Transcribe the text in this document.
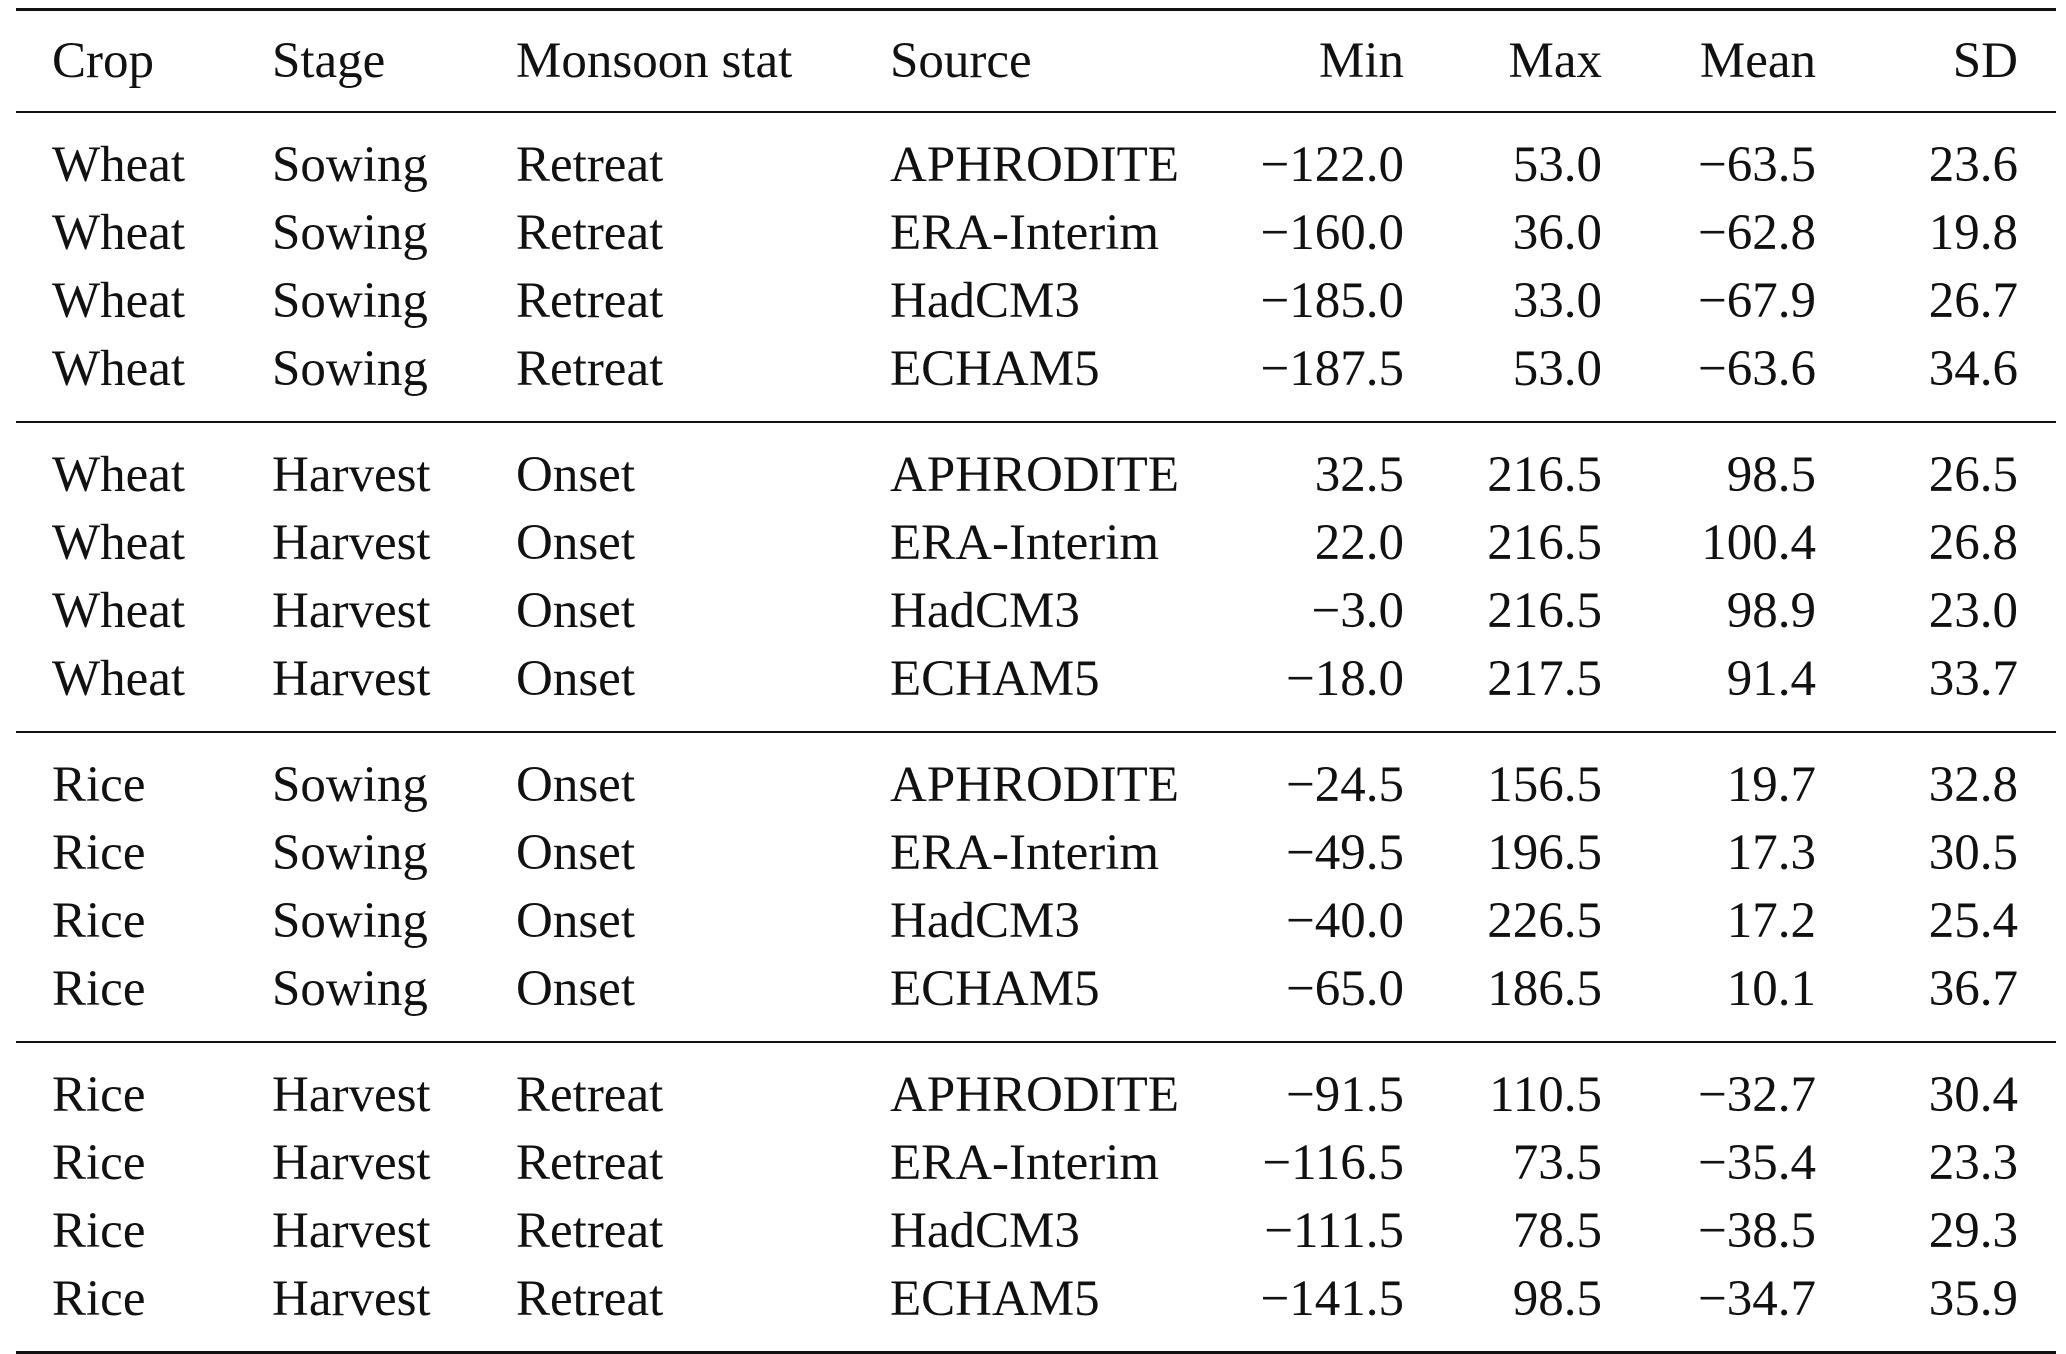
Crop	Stage	Monsoon stat	Source	Min	Max	Mean	SD
Wheat	Sowing	Retreat	APHRODITE	−122.0	53.0	−63.5	23.6
Wheat	Sowing	Retreat	ERA-Interim	−160.0	36.0	−62.8	19.8
Wheat	Sowing	Retreat	HadCM3	−185.0	33.0	−67.9	26.7
Wheat	Sowing	Retreat	ECHAM5	−187.5	53.0	−63.6	34.6
Wheat	Harvest	Onset	APHRODITE	32.5	216.5	98.5	26.5
Wheat	Harvest	Onset	ERA-Interim	22.0	216.5	100.4	26.8
Wheat	Harvest	Onset	HadCM3	−3.0	216.5	98.9	23.0
Wheat	Harvest	Onset	ECHAM5	−18.0	217.5	91.4	33.7
Rice	Sowing	Onset	APHRODITE	−24.5	156.5	19.7	32.8
Rice	Sowing	Onset	ERA-Interim	−49.5	196.5	17.3	30.5
Rice	Sowing	Onset	HadCM3	−40.0	226.5	17.2	25.4
Rice	Sowing	Onset	ECHAM5	−65.0	186.5	10.1	36.7
Rice	Harvest	Retreat	APHRODITE	−91.5	110.5	−32.7	30.4
Rice	Harvest	Retreat	ERA-Interim	−116.5	73.5	−35.4	23.3
Rice	Harvest	Retreat	HadCM3	−111.5	78.5	−38.5	29.3
Rice	Harvest	Retreat	ECHAM5	−141.5	98.5	−34.7	35.9
